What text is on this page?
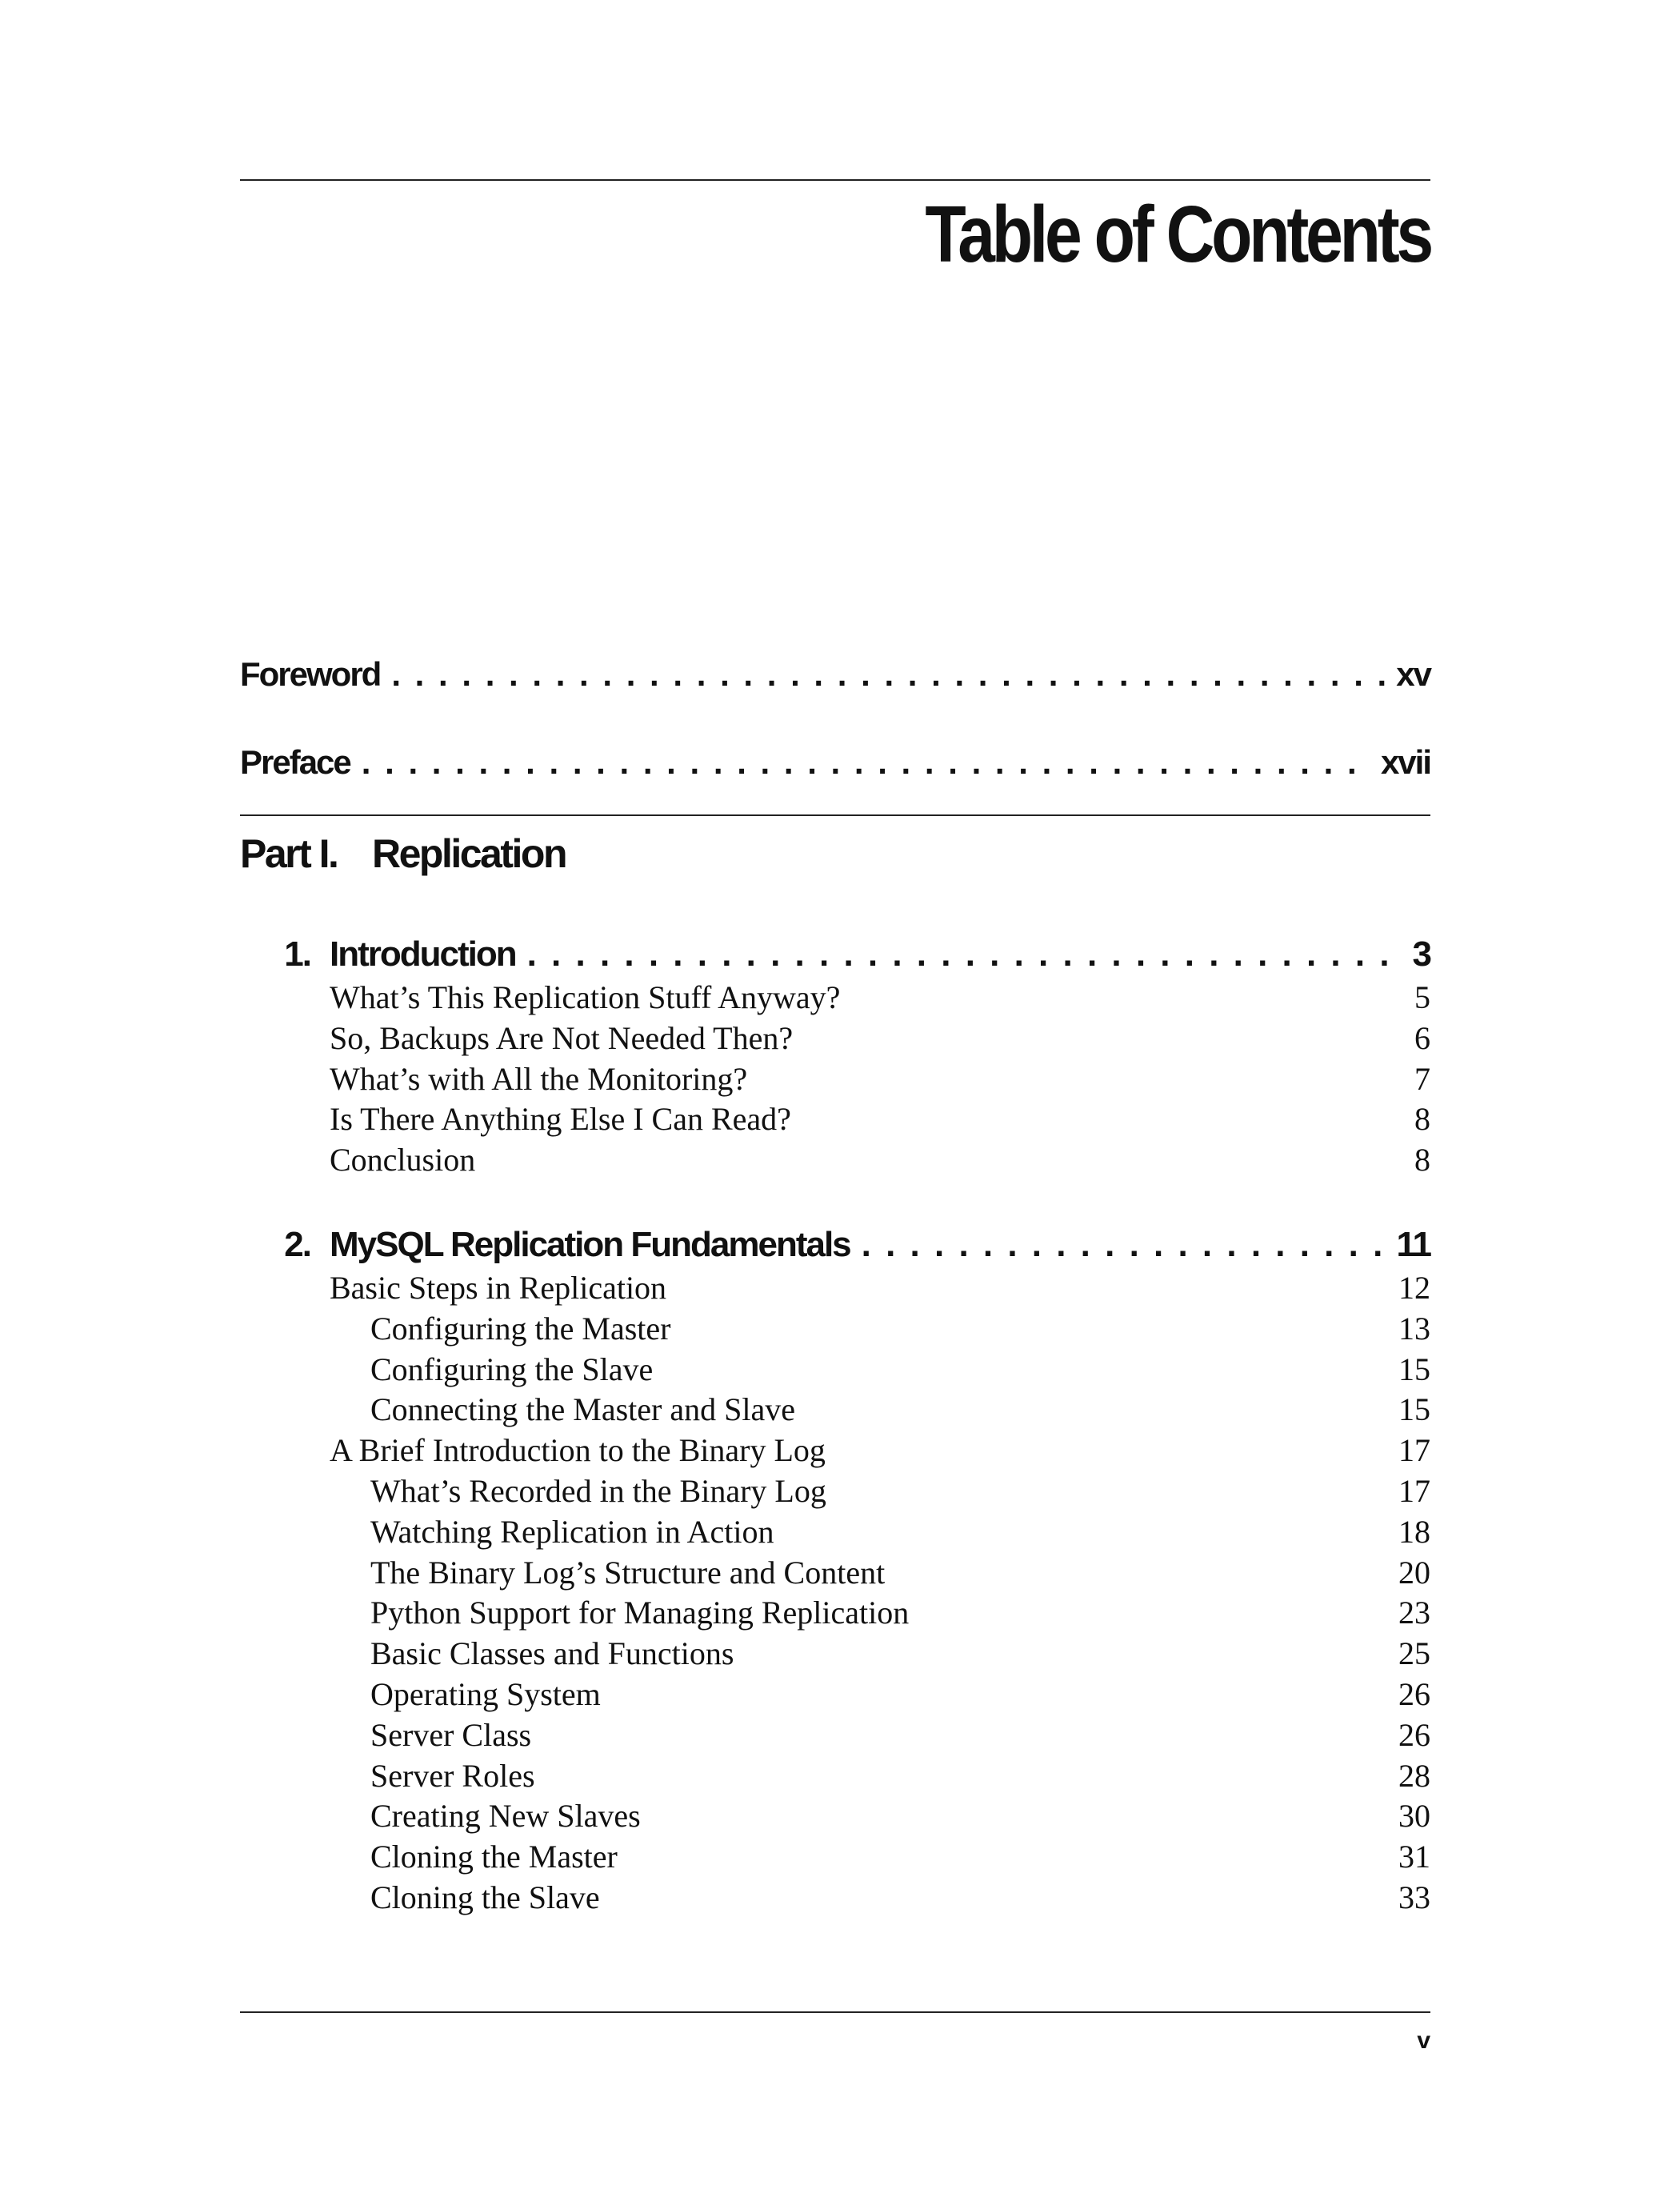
Table of Contents
Foreword . . .	xv
Preface . . .	xvii
Part I. Replication
1. Introduction . . .	3
What’s This Replication Stuff Anyway?	5
So, Backups Are Not Needed Then?	6
What’s with All the Monitoring?	7
Is There Anything Else I Can Read?	8
Conclusion	8
2. MySQL Replication Fundamentals . . .	11
Basic Steps in Replication	12
Configuring the Master	13
Configuring the Slave	15
Connecting the Master and Slave	15
A Brief Introduction to the Binary Log	17
What’s Recorded in the Binary Log	17
Watching Replication in Action	18
The Binary Log’s Structure and Content	20
Python Support for Managing Replication	23
Basic Classes and Functions	25
Operating System	26
Server Class	26
Server Roles	28
Creating New Slaves	30
Cloning the Master	31
Cloning the Slave	33
v
